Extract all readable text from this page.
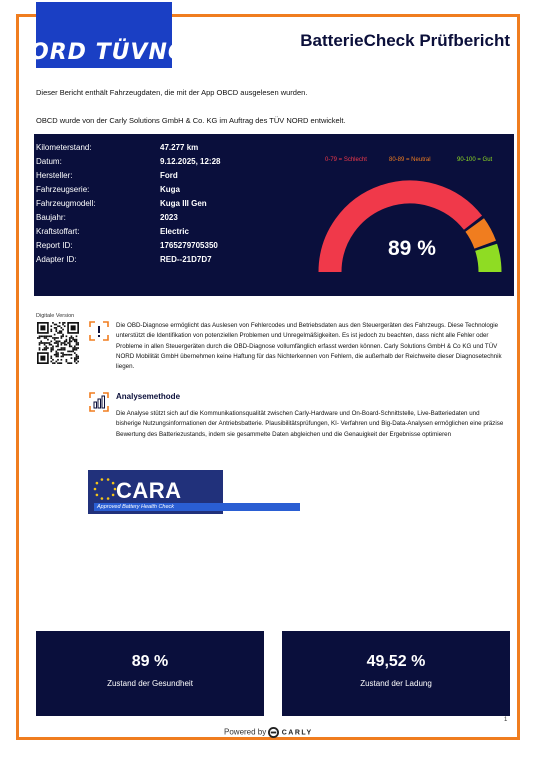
ORD TÜVNO	BatterieCheck Prüfbericht
Dieser Bericht enthält Fahrzeugdaten, die mit der App OBCD ausgelesen wurden.
OBCD wurde von der Carly Solutions GmbH & Co. KG im Auftrag des TÜV NORD entwickelt.
Kilometerstand:	47.277 km
Datum:	9.12.2025, 12:28
Hersteller:	Ford
Fahrzeugserie:	Kuga
Fahrzeugmodell:	Kuga III Gen
Baujahr:	2023
Kraftstoffart:	Electric
Report ID:	1765279705350
Adapter ID:	RED--21D7D7
0-79 = Schlecht	80-89 = Neutral	90-100 = Gut
89 %
Digitale Version
Die OBD-Diagnose ermöglicht das Auslesen von Fehlercodes und Betriebsdaten aus den Steuergeräten des Fahrzeugs. Diese Technologie unterstützt die Identifikation von potenziellen Problemen und Unregelmäßigkeiten. Es ist jedoch zu beachten, dass nicht alle Fehler oder Probleme in allen Steuergeräten durch die OBD-Diagnose vollumfänglich erfasst werden können. Carly Solutions GmbH & Co KG und TÜV NORD Mobilität GmbH übernehmen keine Haftung für das Nichterkennen von Fehlern, die außerhalb der Reichweite dieser Diagnosetechnik liegen.
Analysemethode
Die Analyse stützt sich auf die Kommunikationsqualität zwischen Carly-Hardware und On-Board-Schnittstelle, Live-Batteriedaten und bisherige Nutzungsinformationen der Antriebsbatterie. Plausibilitätsprüfungen, KI- Verfahren und Big-Data-Analysen ermöglichen eine präzise Bewertung des Batteriezustands, indem sie gesammelte Daten abgleichen und die Genauigkeit der Ergebnisse optimieren
CARA
Approved Battery Health Check
89 %
Zustand der Gesundheit
49,52 %
Zustand der Ladung
1
Powered by CARLY
